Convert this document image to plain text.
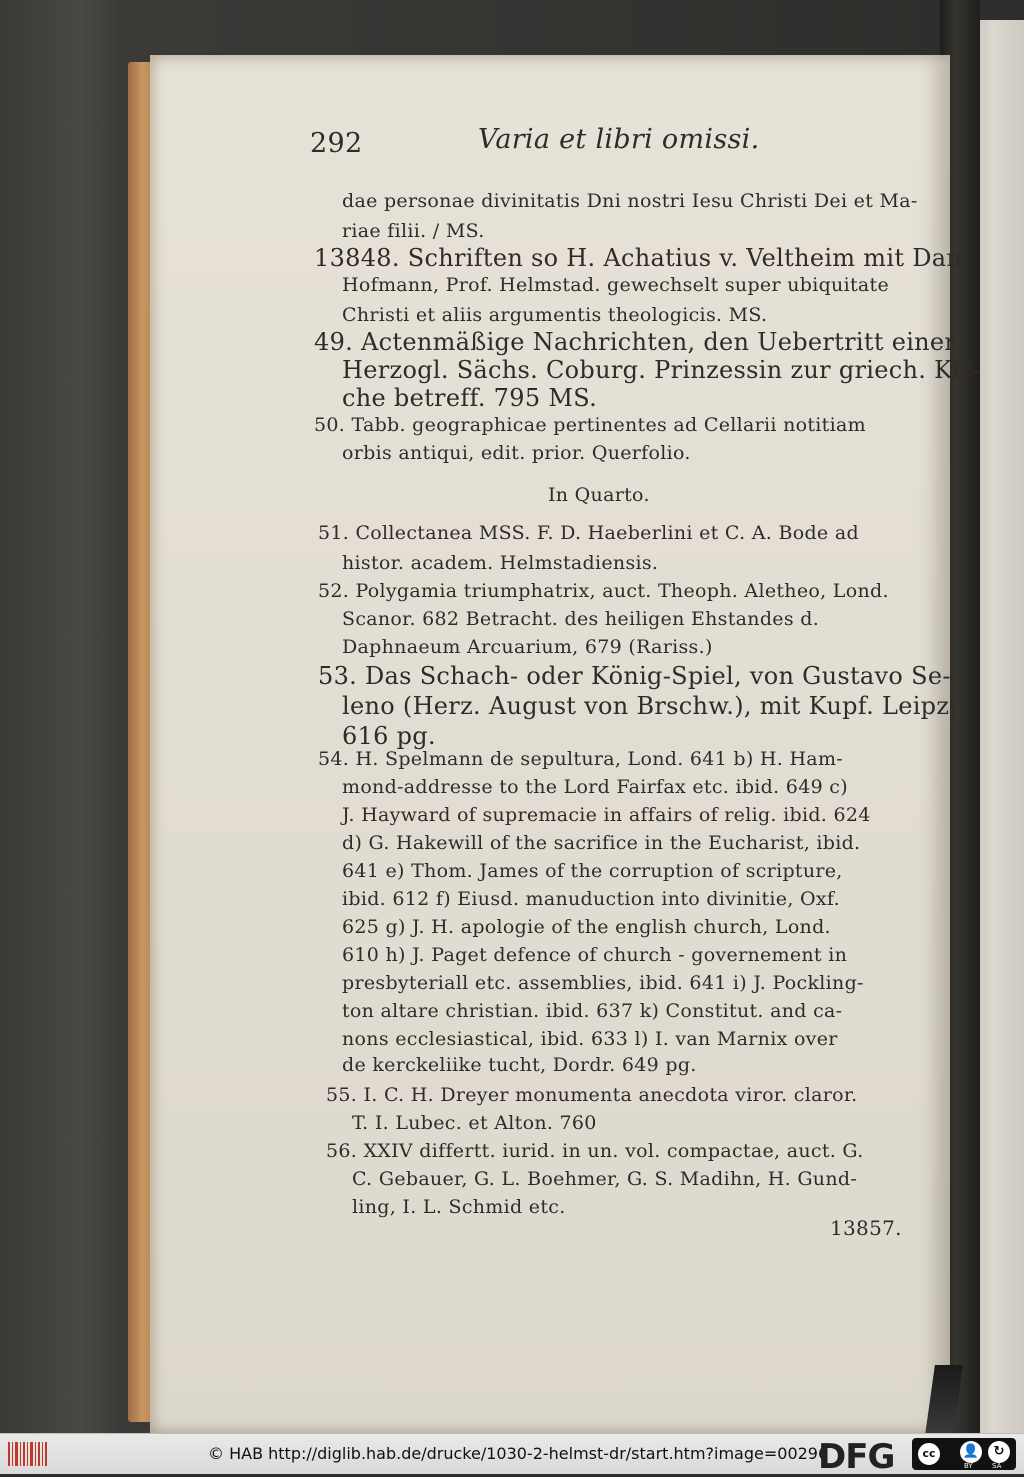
292	Varia et libri omissi.
dae personae divinitatis Dni nostri Iesu Christi Dei et Ma-
riae filii. / MS.
13848. Schriften so H. Achatius v. Veltheim mit Dan.
Hofmann, Prof. Helmstad. gewechselt super ubiquitate
Christi et aliis argumentis theologicis. MS.
49. Actenmäßige Nachrichten, den Uebertritt einer
Herzogl. Sächs. Coburg. Prinzessin zur griech. Kir-
che betreff. 795 MS.
50. Tabb. geographicae pertinentes ad Cellarii notitiam
orbis antiqui, edit. prior. Querfolio.
In Quarto.
51. Collectanea MSS. F. D. Haeberlini et C. A. Bode ad
histor. academ. Helmstadiensis.
52. Polygamia triumphatrix, auct. Theoph. Aletheo, Lond.
Scanor. 682 Betracht. des heiligen Ehstandes d.
Daphnaeum Arcuarium, 679 (Rariss.)
53. Das Schach- oder König-Spiel, von Gustavo Se-
leno (Herz. August von Brschw.), mit Kupf. Leipz.
616 pg.
54. H. Spelmann de sepultura, Lond. 641 b) H. Ham-
mond-addresse to the Lord Fairfax etc. ibid. 649 c)
J. Hayward of supremacie in affairs of relig. ibid. 624
d) G. Hakewill of the sacrifice in the Eucharist, ibid.
641 e) Thom. James of the corruption of scripture,
ibid. 612 f) Eiusd. manuduction into divinitie, Oxf.
625 g) J. H. apologie of the english church, Lond.
610 h) J. Paget defence of church - governement in
presbyteriall etc. assemblies, ibid. 641 i) J. Pockling-
ton altare christian. ibid. 637 k) Constitut. and ca-
nons ecclesiastical, ibid. 633 l) I. van Marnix over
de kerckeliike tucht, Dordr. 649 pg.
55. I. C. H. Dreyer monumenta anecdota viror. claror.
T. I. Lubec. et Alton. 760
56. XXIV differtt. iurid. in un. vol. compactae, auct. G.
C. Gebauer, G. L. Boehmer, G. S. Madihn, H. Gund-
ling, I. L. Schmid etc.
13857.
© HAB http://diglib.hab.de/drucke/1030-2-helmst-dr/start.htm?image=00296
DFG	cc	👤	↻
BY	SA
